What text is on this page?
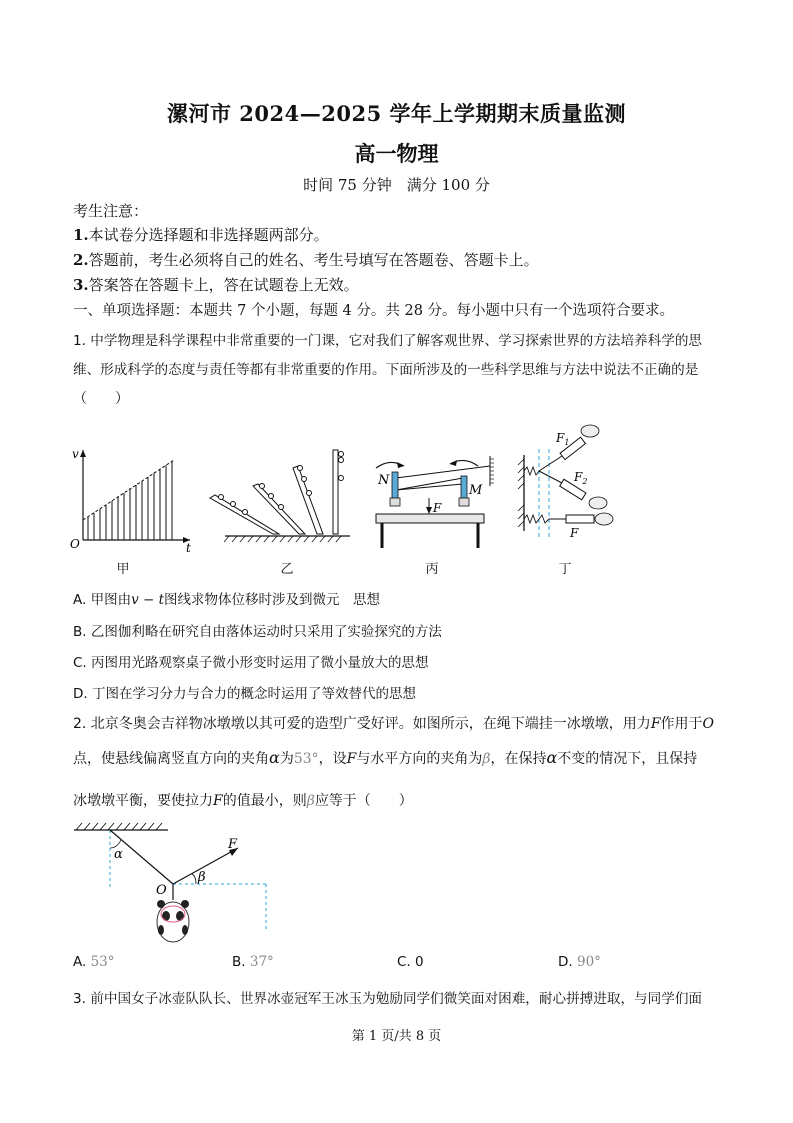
漯河市 2024—2025 学年上学期期末质量监测
高一物理
时间 75 分钟　满分 100 分
考生注意：
1.本试卷分选择题和非选择题两部分。
2.答题前，考生必须将自己的姓名、考生号填写在答题卷、答题卡上。
3.答案答在答题卡上，答在试题卷上无效。
一、单项选择题：本题共 7 个小题，每题 4 分。共 28 分。每小题中只有一个选项符合要求。
1. 中学物理是科学课程中非常重要的一门课，它对我们了解客观世界、学习探索世界的方法培养科学的思
维、形成科学的态度与责任等都有非常重要的作用。下面所涉及的一些科学思维与方法中说法不正确的是
（　　）
v
t
O
N
M
F
$F_1$
$F_2$
F
甲	乙	丙	丁
A. 甲图由v − t图线求物体位移时涉及到微元　思想
B. 乙图伽利略在研究自由落体运动时只采用了实验探究的方法
C. 丙图用光路观察桌子微小形变时运用了微小量放大的思想
D. 丁图在学习分力与合力的概念时运用了等效替代的思想
2. 北京冬奥会吉祥物冰墩墩以其可爱的造型广受好评。如图所示，在绳下端挂一冰墩墩，用力F作用于O
点，使悬线偏离竖直方向的夹角α为53°，设F与水平方向的夹角为β，在保持α不变的情况下，且保持
冰墩墩平衡，要使拉力F的值最小，则β应等于（　　）
α
β
F
O
A. 53°	B. 37°	C. 0	D. 90°
3. 前中国女子冰壶队队长、世界冰壶冠军王冰玉为勉励同学们微笑面对困难，耐心拼搏进取，与同学们面
第 1 页/共 8 页
